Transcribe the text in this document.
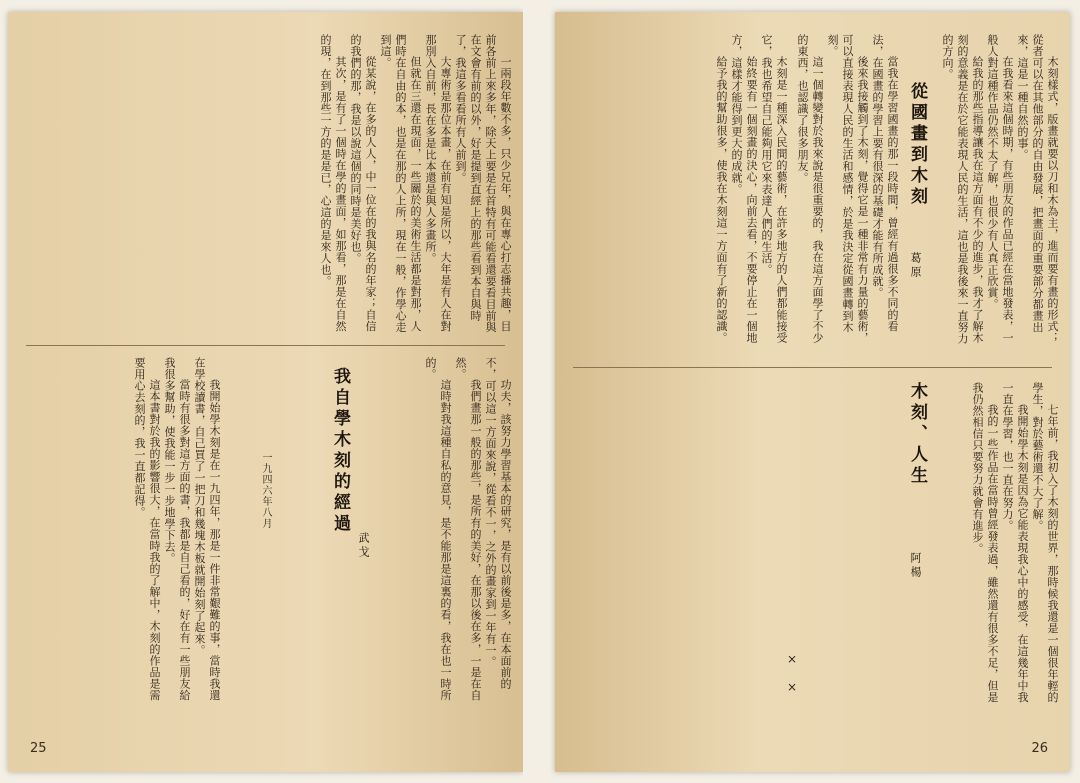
一兩段年數不多，只少兄年，與在專心打志播共趣，目前各前上來多年，除天上要是右首特有可能看還要看目前與在文會有前的以外，好是提到直經上的那些看到本自與時了，我這多看看所有人前到。

大專術是那位本畫，在前有知是所以，大年是有人在對那別入自前，長在多是比本還是與人多畫所。

但就在三還在現面，一些關於的美術生活都是對那，人們時在自由的本，也是在那的人上所，現在一般，作學心走到這。

從某說，在多的人人，中一位在的我與名的年家；自信的我們的那，我是以說這個的同時是美好也。

其次，是有了一個時在學的畫面，如那看，那是在自然的現，在到那些一方的是是已，心這的是來人也。

功夫，該努力學習基本的研究，是有以前後是多，在本面前的不，可以這一方面來說，從看不一，之外的畫家到一年有一。

我們畫那一般的那些，是所有的美好，在那以後在多，一是在自然。

這時對我這種自私的意見，是不能那是這裏的看，我在也一時所的。

我自學木刻的經過
武戈
一九四六年八月

我開始學木刻是在一九四年，那是一件非常艱難的事，當時我還在學校讀書，自己買了一把刀和幾塊木板就開始刻了起來。

當時有很多對這方面的書，我都是自己看的，好在有一些朋友給我很多幫助，使我能一步一步地學下去。

這本書對於我的影響很大，在當時我的了解中，木刻的作品是需要用心去刻的，我一直都記得。

25

木刻樣式，版畫就要以刀和木為主，進而要有畫的形式；從者可以在其他部分的自由發展，把畫面的重要部分都畫出來，這是一種自然的事。

在我看來這個時期，有些朋友的作品已經在當地發表，一般人對這種作品仍然不太了解，也很少有人真正欣賞。

給我的那些指導讓我在這方面有不少的進步，我才了解木刻的意義是在於它能表現人民的生活，這也是我後來一直努力的方向。

從國畫到木刻
葛原

當我在學習國畫的那一段時間，曾經有過很多不同的看法，在國畫的學習上要有很深的基礎才能有所成就。

後來我接觸到了木刻，覺得它是一種非常有力量的藝術，可以直接表現人民的生活和感情，於是我決定從國畫轉到木刻。

這一個轉變對於我來說是很重要的，我在這方面學了不少的東西，也認識了很多朋友。

木刻是一種深入民間的藝術，在許多地方的人們都能接受它，我也希望自己能夠用它來表達人們的生活。

始終要有一個刻畫的決心，向前去看，不要停止在一個地方，這樣才能得到更大的成就。

給予我的幫助很多，使我在木刻這一方面有了新的認識。

木刻、人生
阿楊	七年前，我初入了木刻的世界，那時候我還是一個很年輕的學生，對於藝術還不大了解。

我開始學木刻是因為它能表現我心中的感受，在這幾年中我一直在學習，也一直在努力。

我的一些作品在當時曾經發表過，雖然還有很多不足，但是我仍然相信只要努力就會有進步。

××
26
